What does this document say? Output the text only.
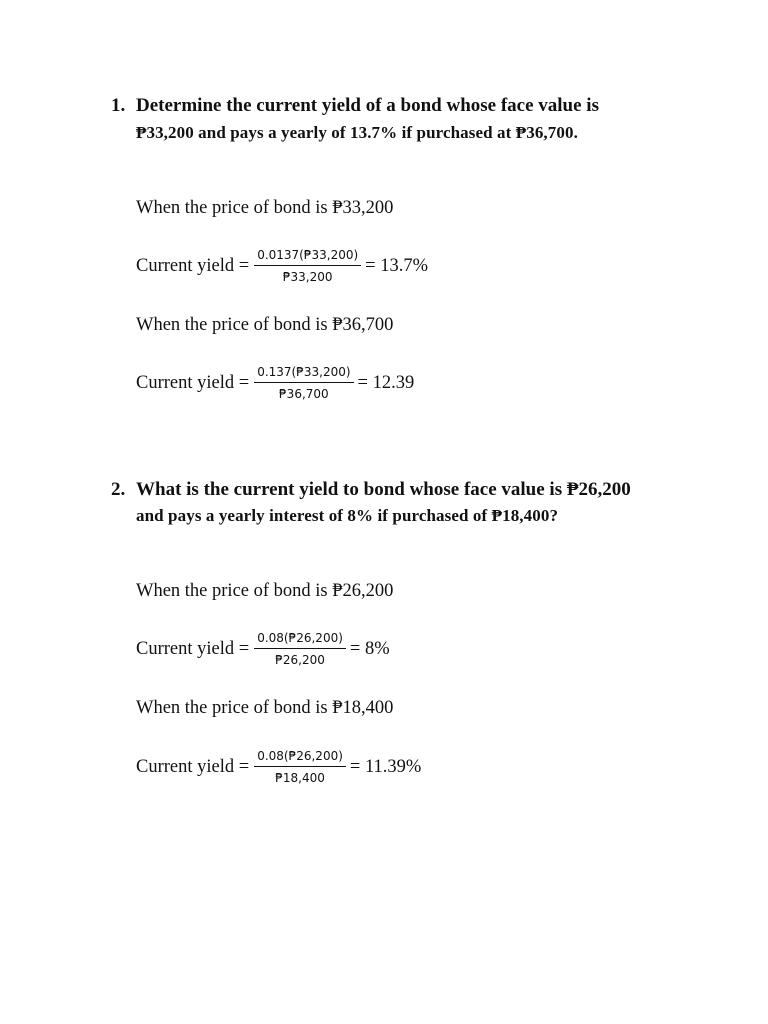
1. Determine the current yield of a bond whose face value is
₱33,200 and pays a yearly of 13.7% if purchased at ₱36,700.
When the price of bond is ₱33,200
Current yield = $\frac{0.0137(₱33,200)}{₱33,200} = 13.7\%$
When the price of bond is ₱36,700
Current yield = $\frac{0.137(₱33,200)}{₱36,700} = 12.39$
2. What is the current yield to bond whose face value is ₱26,200
and pays a yearly interest of 8% if purchased of ₱18,400?
When the price of bond is ₱26,200
Current yield = $\frac{0.08(₱26,200)}{₱26,200} = 8\%$
When the price of bond is ₱18,400
Current yield = $\frac{0.08(₱26,200)}{₱18,400} = 11.39\%$
